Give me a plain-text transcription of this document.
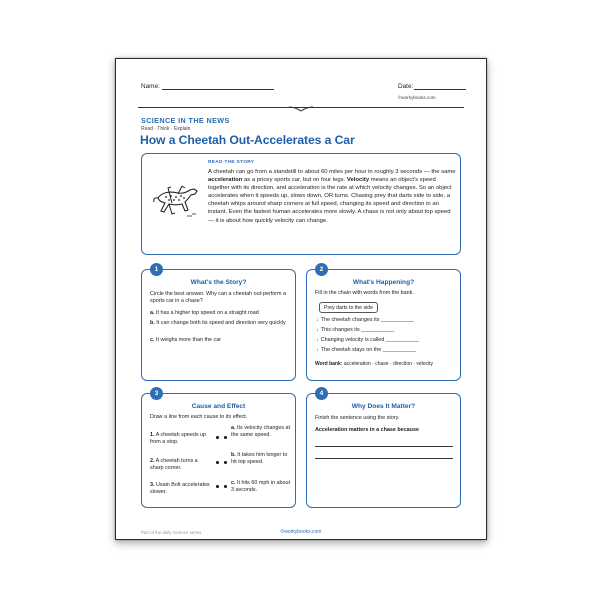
Name:	Date:
©workybooks.com
SCIENCE IN THE NEWS
Read · Think · Explain
How a Cheetah Out-Accelerates a Car
READ THE STORY
A cheetah can go from a standstill to about 60 miles per hour in roughly 3 seconds — the same acceleration as a pricey sports car, but on four legs. Velocity means an object's speed together with its direction, and acceleration is the rate at which velocity changes. So an object accelerates when it speeds up, slows down, OR turns. Chasing prey that darts side to side, a cheetah whips around sharp corners at full speed, changing its speed and direction in an instant. Even the fastest human accelerates more slowly. A chase is not only about top speed — it is about how quickly velocity can change.
What's the Story?
Circle the best answer. Why can a cheetah out-perform a sports car in a chase?
a. It has a higher top speed on a straight road
b. It can change both its speed and direction very quickly
c. It weighs more than the car
1
What's Happening?
Fill in the chain with words from the bank.
Prey darts to the side
↓ The cheetah changes its ___________
↓ This changes its ___________
↓ Changing velocity is called ___________
↓ The cheetah stays on the ___________
Word bank: acceleration · chase · direction · velocity
2
Cause and Effect
Draw a line from each cause to its effect.
1. A cheetah speeds up from a stop.
2. A cheetah turns a sharp corner.
3. Usain Bolt accelerates slower.
a. Its velocity changes at the same speed.
b. It takes him longer to hit top speed.
c. It hits 60 mph in about 3 seconds.
3
Why Does It Matter?
Finish the sentence using the story.
Acceleration matters in a chase because
4
Part of the daily Science series	©workybooks.com
